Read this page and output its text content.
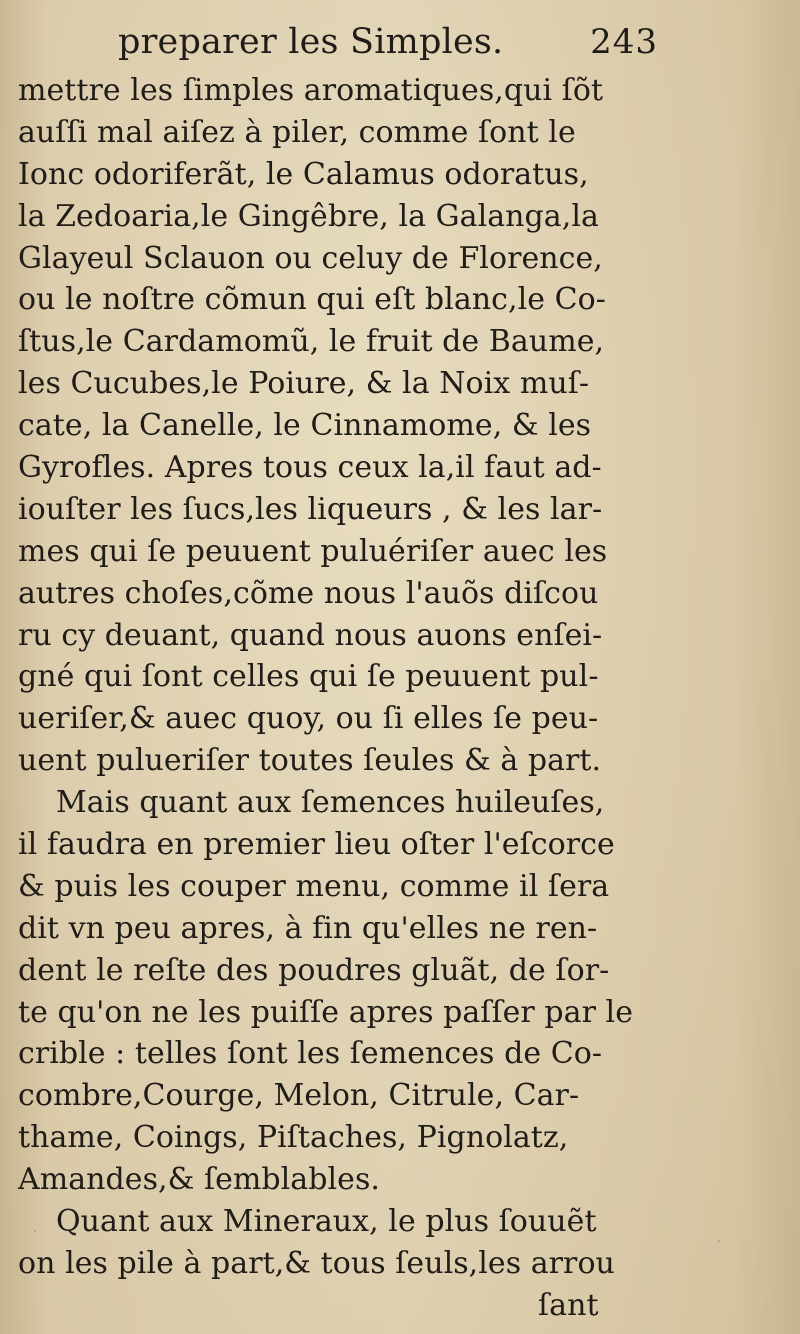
preparer les Simples.	243
mettre les ſimples aromatiques,qui ſõt
auſſi mal aiſez à piler, comme ſont le
Ionc odoriferãt, le Calamus odoratus,
la Zedoaria,le Gingêbre, la Galanga,la
Glayeul Sclauon ou celuy de Florence,
ou le noſtre cõmun qui eſt blanc,le Co-
ſtus,le Cardamomũ, le fruit de Baume,
les Cucubes,le Poiure, & la Noix muſ-
cate, la Canelle, le Cinnamome, & les
Gyrofles. Apres tous ceux la,il faut ad-
iouſter les ſucs,les liqueurs , & les lar-
mes qui ſe peuuent puluériſer auec les
autres choſes,cõme nous l'auõs diſcou
ru cy deuant, quand nous auons enſei-
gné qui ſont celles qui ſe peuuent pul-
ueriſer,& auec quoy, ou ſi elles ſe peu-
uent pulueriſer toutes ſeules & à part.
Mais quant aux ſemences huileuſes,
il faudra en premier lieu oſter l'eſcorce
& puis les couper menu, comme il ſera
dit vn peu apres, à fin qu'elles ne ren-
dent le reſte des poudres gluãt, de ſor-
te qu'on ne les puiſſe apres paſſer par le
crible : telles ſont les ſemences de Co-
combre,Courge, Melon, Citrule, Car-
thame, Coings, Piſtaches, Pignolatz,
Amandes,& ſemblables.
Quant aux Mineraux, le plus ſouuẽt
on les pile à part,& tous ſeuls,les arrou
ſant
